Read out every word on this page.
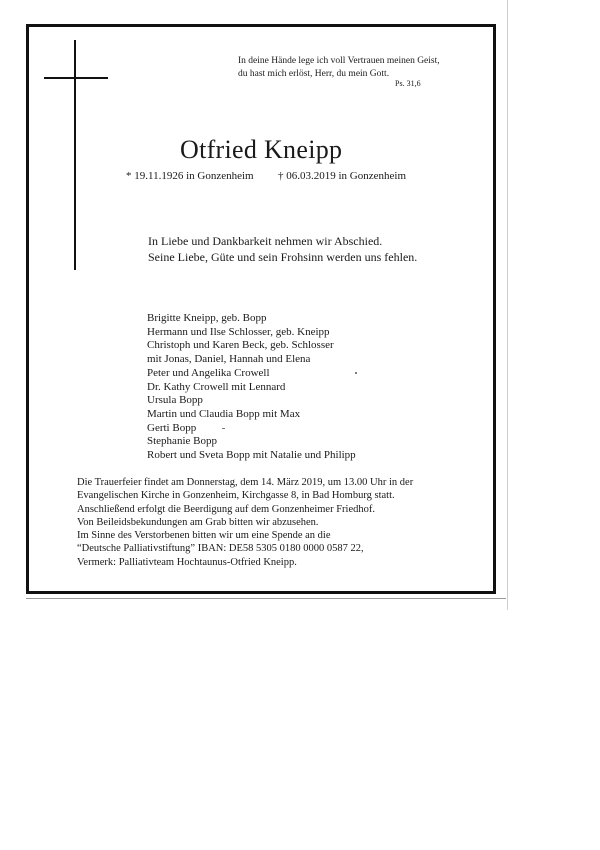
In deine Hände lege ich voll Vertrauen meinen Geist,
du hast mich erlöst, Herr, du mein Gott.
Ps. 31,6
Otfried Kneipp
* 19.11.1926 in Gonzenheim † 06.03.2019 in Gonzenheim
In Liebe und Dankbarkeit nehmen wir Abschied.
Seine Liebe, Güte und sein Frohsinn werden uns fehlen.
Brigitte Kneipp, geb. Bopp
Hermann und Ilse Schlosser, geb. Kneipp
Christoph und Karen Beck, geb. Schlosser
mit Jonas, Daniel, Hannah und Elena
Peter und Angelika Crowell
Dr. Kathy Crowell mit Lennard
Ursula Bopp
Martin und Claudia Bopp mit Max
Gerti Bopp
Stephanie Bopp
Robert und Sveta Bopp mit Natalie und Philipp

Die Trauerfeier findet am Donnerstag, dem 14. März 2019, um 13.00 Uhr in der

Evangelischen Kirche in Gonzenheim, Kirchgasse 8, in Bad Homburg statt.

Anschließend erfolgt die Beerdigung auf dem Gonzenheimer Friedhof.

Von Beileidsbekundungen am Grab bitten wir abzusehen.

Im Sinne des Verstorbenen bitten wir um eine Spende an die

“Deutsche Palliativstiftung” IBAN: DE58 5305 0180 0000 0587 22,

Vermerk: Palliativteam Hochtaunus-Otfried Kneipp.
